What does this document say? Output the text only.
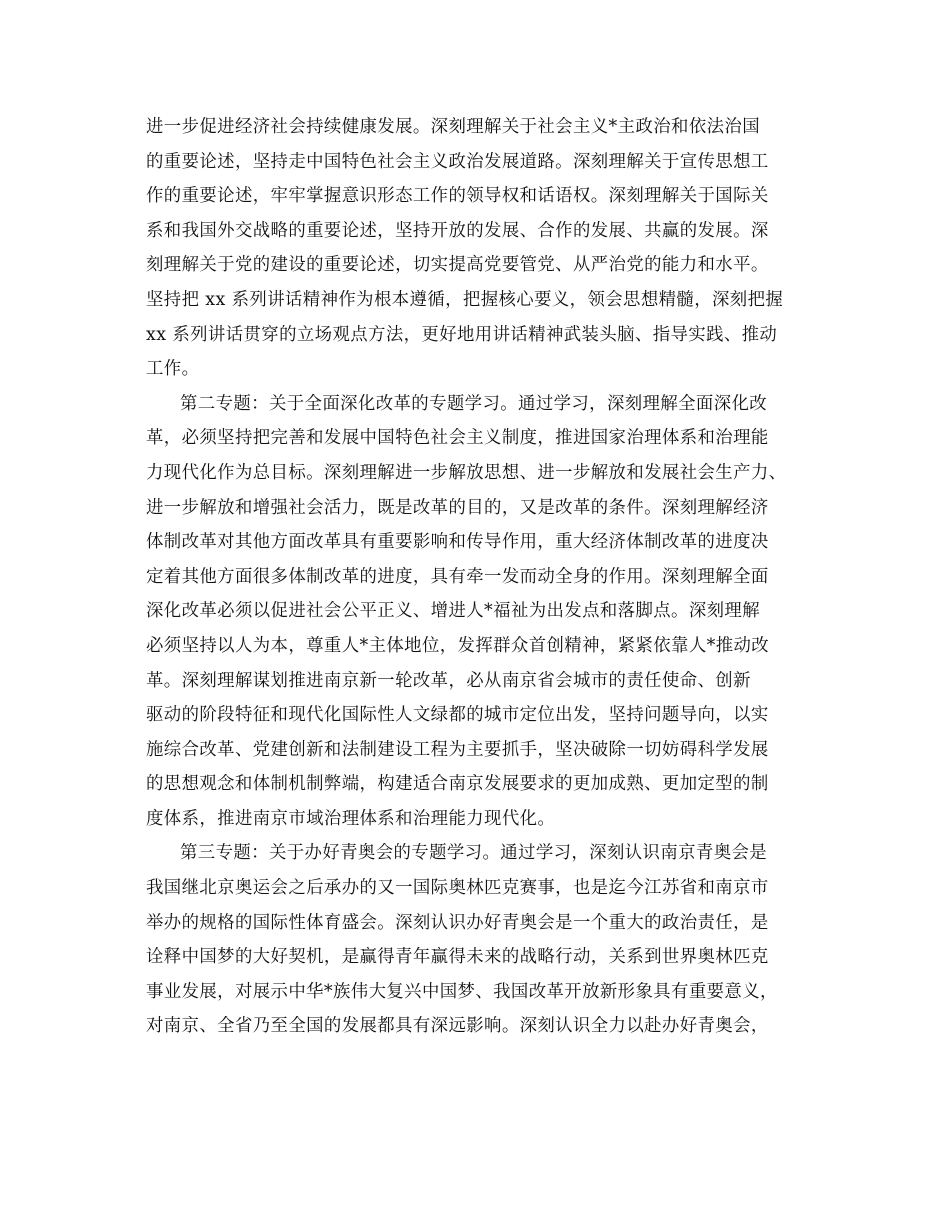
进一步促进经济社会持续健康发展。深刻理解关于社会主义*主政治和依法治国
的重要论述，坚持走中国特色社会主义政治发展道路。深刻理解关于宣传思想工
作的重要论述，牢牢掌握意识形态工作的领导权和话语权。深刻理解关于国际关
系和我国外交战略的重要论述，坚持开放的发展、合作的发展、共赢的发展。深
刻理解关于党的建设的重要论述，切实提高党要管党、从严治党的能力和水平。
坚持把 xx 系列讲话精神作为根本遵循，把握核心要义，领会思想精髓，深刻把握
xx 系列讲话贯穿的立场观点方法，更好地用讲话精神武装头脑、指导实践、推动
工作。
第二专题：关于全面深化改革的专题学习。通过学习，深刻理解全面深化改
革，必须坚持把完善和发展中国特色社会主义制度，推进国家治理体系和治理能
力现代化作为总目标。深刻理解进一步解放思想、进一步解放和发展社会生产力、
进一步解放和增强社会活力，既是改革的目的，又是改革的条件。深刻理解经济
体制改革对其他方面改革具有重要影响和传导作用，重大经济体制改革的进度决
定着其他方面很多体制改革的进度，具有牵一发而动全身的作用。深刻理解全面
深化改革必须以促进社会公平正义、增进人*福祉为出发点和落脚点。深刻理解
必须坚持以人为本，尊重人*主体地位，发挥群众首创精神，紧紧依靠人*推动改
革。深刻理解谋划推进南京新一轮改革，必从南京省会城市的责任使命、创新
驱动的阶段特征和现代化国际性人文绿都的城市定位出发，坚持问题导向，以实
施综合改革、党建创新和法制建设工程为主要抓手，坚决破除一切妨碍科学发展
的思想观念和体制机制弊端，构建适合南京发展要求的更加成熟、更加定型的制
度体系，推进南京市域治理体系和治理能力现代化。
第三专题：关于办好青奥会的专题学习。通过学习，深刻认识南京青奥会是
我国继北京奥运会之后承办的又一国际奥林匹克赛事，也是迄今江苏省和南京市
举办的规格的国际性体育盛会。深刻认识办好青奥会是一个重大的政治责任，是
诠释中国梦的大好契机，是赢得青年赢得未来的战略行动，关系到世界奥林匹克
事业发展，对展示中华*族伟大复兴中国梦、我国改革开放新形象具有重要意义，
对南京、全省乃至全国的发展都具有深远影响。深刻认识全力以赴办好青奥会，
